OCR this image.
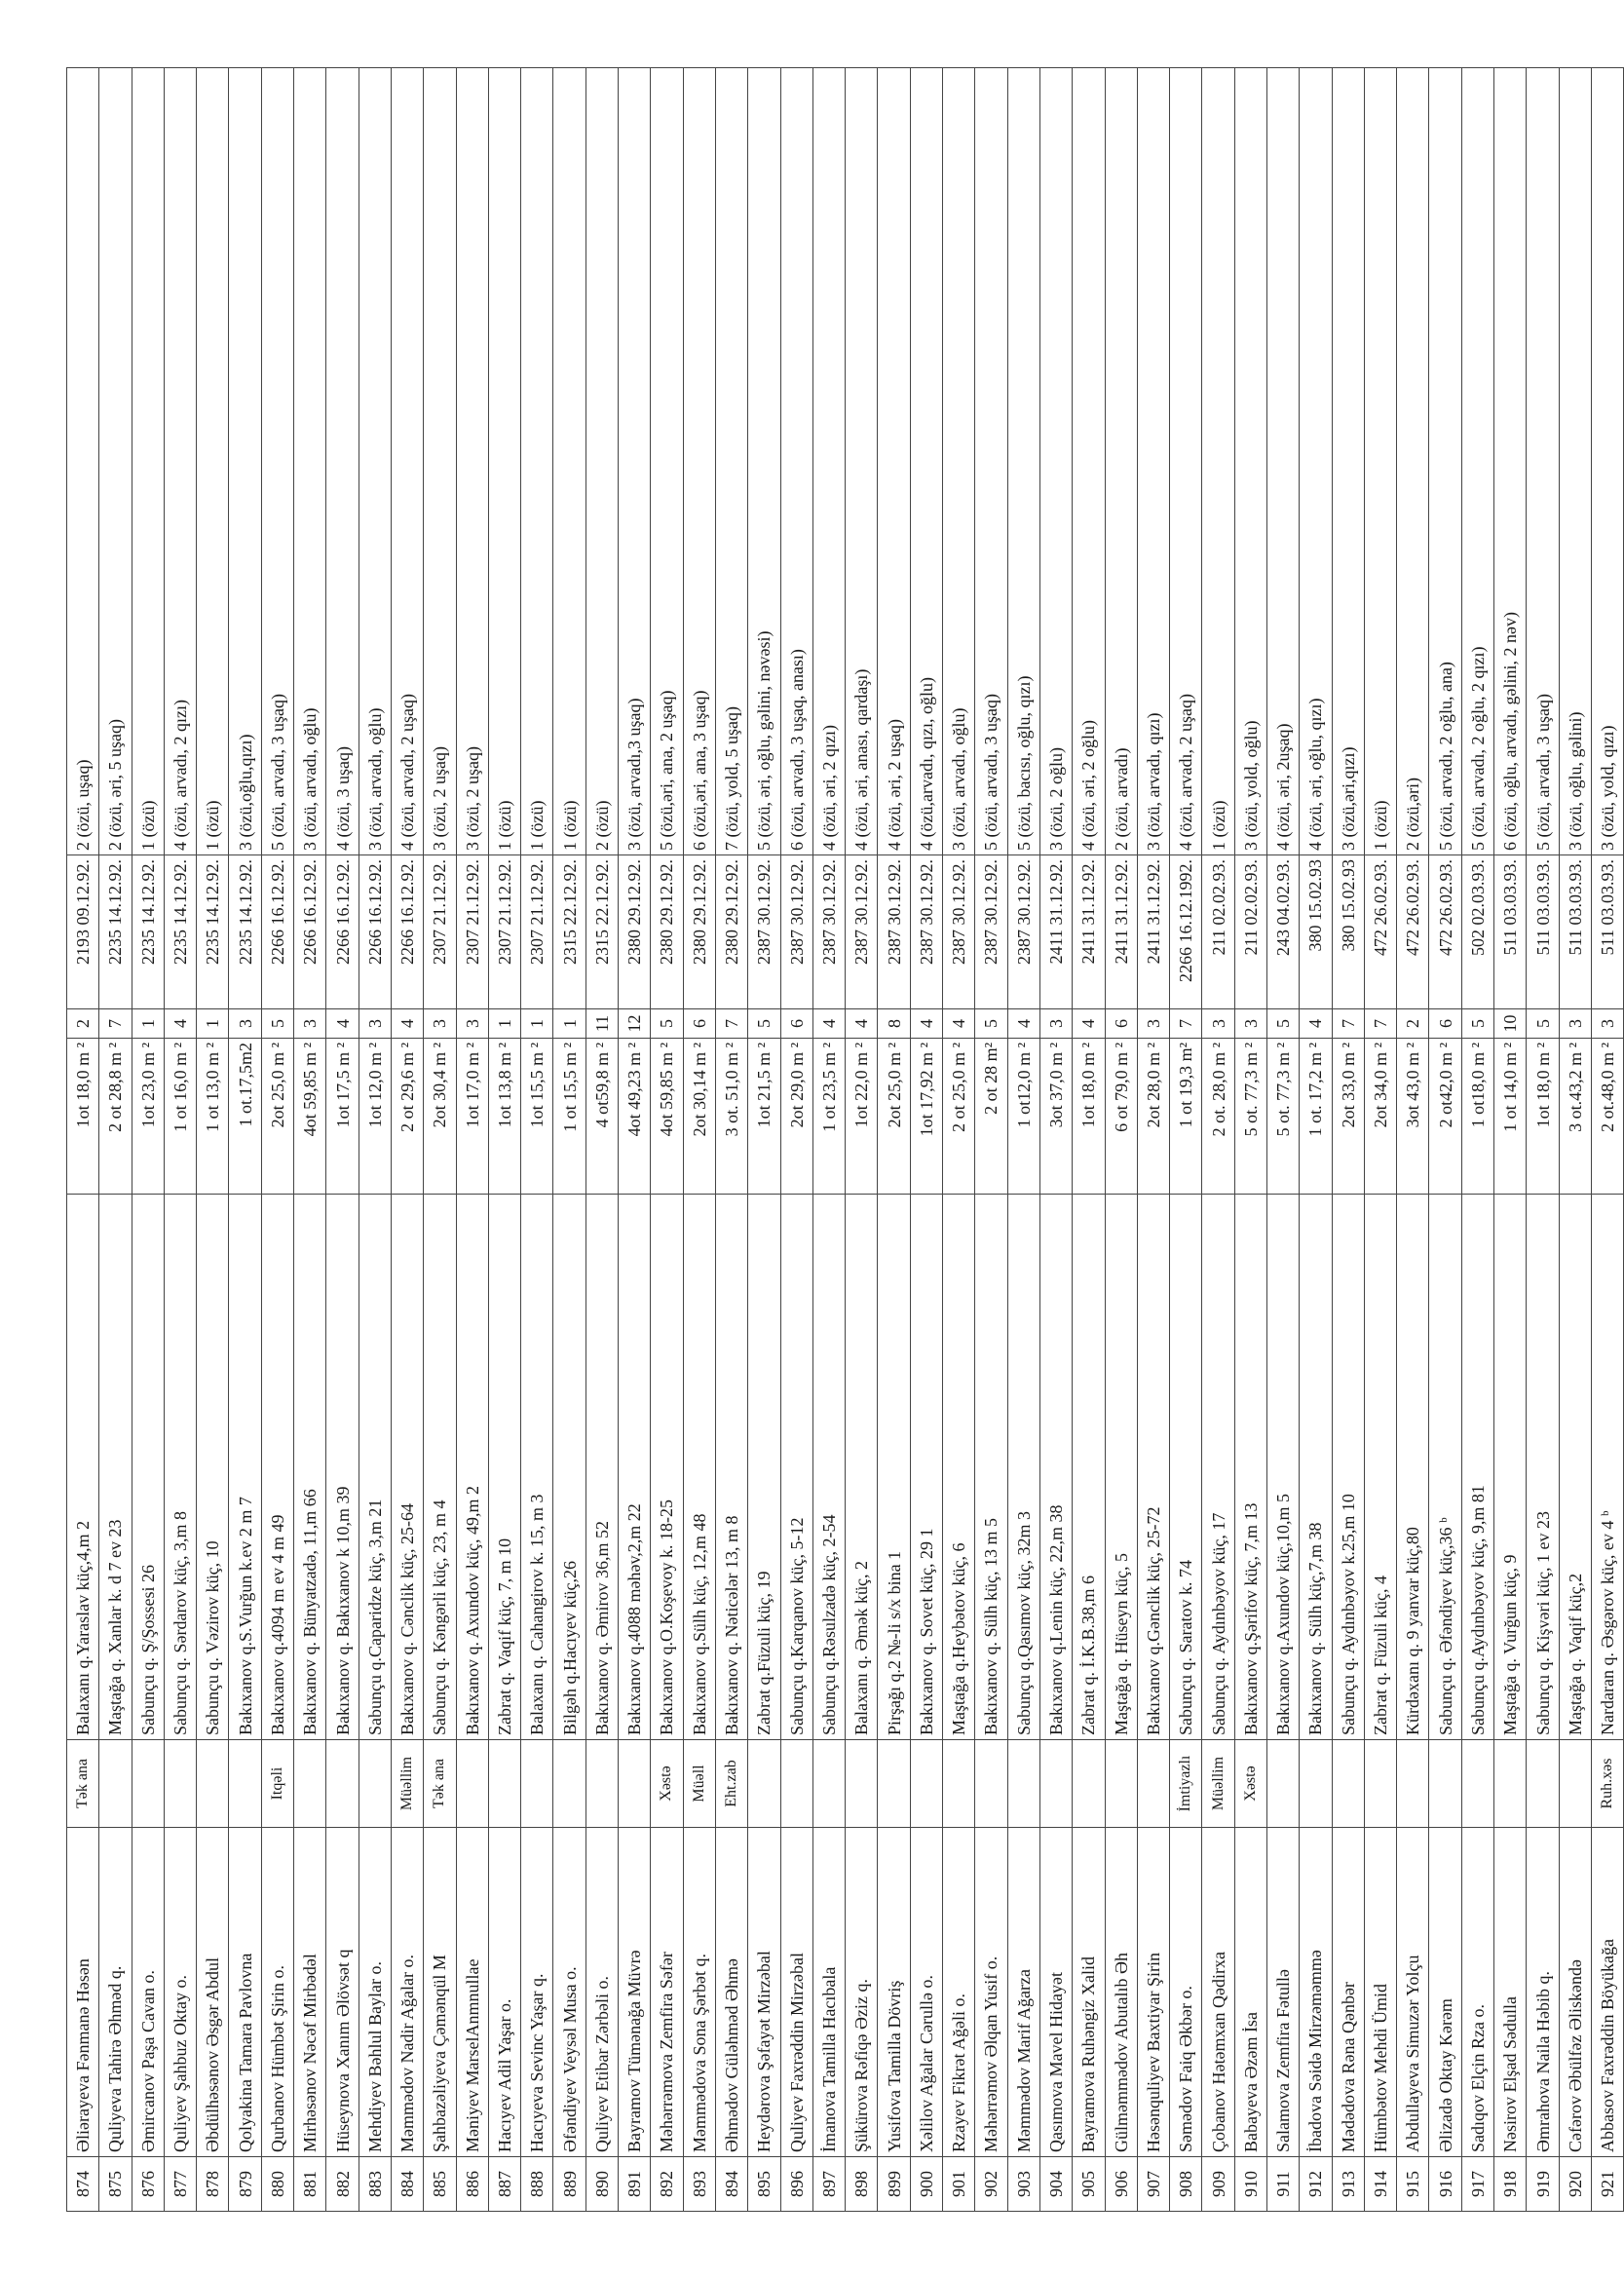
874	Əliərayeva Fənmanə Həsən	Tək ana	Balaxanı q.Yaraslav küç,4,m 2	1ot 18,0 m ²	2	2193 09.12.92.	2 (özü, uşaq)
875	Quliyeva Tahirə Əhməd q.		Maştağa q. Xanlar k. d 7 ev 23	2 ot 28,8 m ²	7	2235 14.12.92.	2 (özü, əri, 5 uşaq)
876	Əmircanov Paşa Cavan o.		Sabunçu q. Ş/Şossesi 26	1ot 23,0 m ²	1	2235 14.12.92.	1 (özü)
877	Quliyev Şahbuz Oktay o.		Sabunçu q. Sərdarov küç, 3,m 8	1 ot 16,0 m ²	4	2235 14.12.92.	4 (özü, arvadı, 2 qızı)
878	Əbdülhəsənov Əsgər Abdul		Sabunçu q. Vəzirov küç, 10	1 ot 13,0 m ²	1	2235 14.12.92.	1 (özü)
879	Qolyakina Tamara Pavlovna		Bakıxanov q.S.Vurğun k.ev 2 m 7	1 ot.17,5m2	3	2235 14.12.92.	3 (özü,oğlu,qızı)
880	Qurbanov Hümbət Şirin o.	Itqəli	Bakıxanov q.4094 m ev 4 m 49	2ot 25,0 m ²	5	2266 16.12.92.	5 (özü, arvadı, 3 uşaq)
881	Mirhəsənov Nəcəf Mirbədəl		Bakıxanov q. Bünyatzadə, 11,m 66	4ot 59,85 m ²	3	2266 16.12.92.	3 (özü, arvadı, oğlu)
882	Hüseynova Xanım Əlövsət q		Bakıxanov q. Bakıxanov k 10,m 39	1ot 17,5 m ²	4	2266 16.12.92.	4 (özü, 3 uşaq)
883	Mehdiyev Bəhlul Baylar o.		Sabunçu q.Caparidze küç, 3,m 21	1ot 12,0 m ²	3	2266 16.12.92.	3 (özü, arvadı, oğlu)
884	Məmmədov Nadir Ağalar o.	Müəllim	Bakıxanov q. Cənclik küç, 25-64	2 ot 29,6 m ²	4	2266 16.12.92.	4 (özü, arvadı, 2 uşaq)
885	Şahbazəliyeva Çəmənqül M	Tək ana	Sabunçu q. Kəngərli küç, 23, m 4	2ot 30,4 m ²	3	2307 21.12.92.	3 (özü, 2 uşaq)
886	Məniyev MarselAnmnullae		Bakıxanov q. Axundov küç, 49,m 2	1ot 17,0 m ²	3	2307 21.12.92.	3 (özü, 2 uşaq)
887	Hacıyev Adil Yaşar o.		Zabrat q. Vaqif küç, 7, m 10	1ot 13,8 m ²	1	2307 21.12.92.	1 (özü)
888	Hacıyeva Sevinc Yaşar q.		Balaxanı q. Cahangirov k. 15, m 3	1ot 15,5 m ²	1	2307 21.12.92.	1 (özü)
889	Əfəndiyev Veysəl Musa o.		Bilgəh q.Hacıyev küç,26	1 ot 15,5 m ²	1	2315 22.12.92.	1 (özü)
890	Quliyev Etibar Zərbəli o.		Bakıxanov q. Əmirov 36,m 52	4 ot59,8 m ²	11	2315 22.12.92.	2 (özü)
891	Bayramov Tümənağa Müvrə		Bakıxanov q.4088 məhəv,2,m 22	4ot 49,23 m ²	12	2380 29.12.92.	3 (özü, arvadı,3 uşaq)
892	Məhərrəmova Zemfira Səfər	Xəstə	Bakıxanov q.O.Koşevoy k. 18-25	4ot 59,85 m ²	5	2380 29.12.92.	5 (özü,əri, ana, 2 uşaq)
893	Məmmədova Sona Şərbət q.	Müəll	Bakıxanov q.Sülh küç, 12,m 48	2ot 30,14 m ²	6	2380 29.12.92.	6 (özü,əri, ana, 3 uşaq)
894	Əhmədov Güləhməd Əhmə	Eht.zab	Bakıxanov q. Nəticələr 13, m 8	3 ot. 51,0 m ²	7	2380 29.12.92.	7 (özü, yold, 5 uşaq)
895	Heydərova Şəfayət Mirzəbal		Zabrat q.Füzuli küç, 19	1ot 21,5 m ²	5	2387 30.12.92.	5 (özü, əri, oğlu, gəlini, nəvəsi)
896	Quliyev Faxrəddin Mirzəbal		Sabunçu q.Karqanov küç, 5-12	2ot 29,0 m ²	6	2387 30.12.92.	6 (özü, arvadı, 3 uşaq, anası)
897	İmanova Tamilla Hacıbala		Sabunçu q.Rəsulzadə küç, 2-54	1 ot 23,5 m ²	4	2387 30.12.92.	4 (özü, əri, 2 qızı)
898	Şükürova Rəfiqə Əziz q.		Balaxanı q. Əmək küç, 2	1ot 22,0 m ²	4	2387 30.12.92.	4 (özü, əri, anası, qardaşı)
899	Yusifova Tamilla Dövriş		Pirşağı q.2 №-li s/x bina 1	2ot 25,0 m ²	8	2387 30.12.92.	4 (özü, əri, 2 uşaq)
900	Xəlilov Ağalar Cərullə o.		Bakıxanov q. Sovet küç, 29 1	1ot 17,92 m ²	4	2387 30.12.92.	4 (özü,arvadı, qızı, oğlu)
901	Rzayev Fikrət Ağəli o.		Maştağa q.Heybətov küç, 6	2 ot 25,0 m ²	4	2387 30.12.92.	3 (özü, arvadı, oğlu)
902	Məhərrəmov Əlqan Yusif o.		Bakıxanov q. Sülh küç, 13 m 5	2 ot 28 m²	5	2387 30.12.92.	5 (özü, arvadı, 3 uşaq)
903	Məmmədov Marif Ağarza		Sabunçu q.Qasımov küç, 32m 3	1 ot12,0 m ²	4	2387 30.12.92.	5 (özü, bacısı, oğlu, qızı)
904	Qasımova Mavel Hidayət		Bakıxanov q.Lenin küç, 22,m 38	3ot 37,0 m ²	3	2411 31.12.92.	3 (özü, 2 oğlu)
905	Bayramova Ruhəngiz Xalid		Zabrat q. İ.K.B.38,m 6	1ot 18,0 m ²	4	2411 31.12.92.	4 (özü, əri, 2 oğlu)
906	Gülməmmədov Abutalıb Əh		Maştağa q. Hüseyn küç, 5	6 ot 79,0 m ²	6	2411 31.12.92.	2 (özü, arvadı)
907	Həsənquliyev Baxtiyar Şirin		Bakıxanov q.Gənclik küç, 25-72	2ot 28,0 m ²	3	2411 31.12.92.	3 (özü, arvadı, qızı)
908	Səmədov Faiq Əkbər o.	İmtiyazlı	Sabunçu q. Saratov k. 74	1 ot 19,3 m²	7	2266 16.12.1992.	4 (özü, arvadı, 2 uşaq)
909	Çobanov Hətəmxan Qədirxa	Müəllim	Sabunçu q. Aydınbəyov küç, 17	2 ot. 28,0 m ²	3	211 02.02.93.	1 (özü)
910	Babayeva Əzəm İsa	Xəstə	Bakıxanov q.Şərifov küç, 7,m 13	5 ot. 77,3 m ²	3	211 02.02.93.	3 (özü, yold, oğlu)
911	Salamova Zemfira Fətullə		Bakıxanov q.Axundov küç,10,m 5	5 ot. 77,3 m ²	5	243 04.02.93.	4 (özü, əri, 2uşaq)
912	İbadova Səidə Mirzəməmmə		Bakıxanov q. Sülh küç,7,m 38	1 ot. 17,2 m ²	4	380 15.02.93	4 (özü, əri, oğlu, qızı)
913	Mədədova Rəna Qənbər		Sabunçu q. Aydınbəyov k.25,m 10	2ot 33,0 m ²	7	380 15.02.93	3 (özü,əri,qızı)
914	Hümbətov Mehdi Ümid		Zabrat q. Füzuli küç, 4	2ot 34,0 m ²	7	472 26.02.93.	1 (özü)
915	Abdullayeva Simuzər Yolçu		Kürdəxanı q. 9 yanvar küç,80	3ot 43,0 m ²	2	472 26.02.93.	2 (özü,əri)
916	Əlizadə Oktay Kərəm		Sabunçu q. Əfəndiyev küç,36 ᵇ	2 ot42,0 m ²	6	472 26.02.93.	5 (özü, arvadı, 2 oğlu, ana)
917	Sadıqov Elçin Rza o.		Sabunçu q.Aydınbəyov küç, 9,m 81	1 ot18,0 m ²	5	502 02.03.93.	5 (özü, arvadı, 2 oğlu, 2 qızı)
918	Nəsirov Elşad Sədulla		Maştağa q. Vurğun küç, 9	1 ot 14,0 m ²	10	511 03.03.93.	6 (özü, oğlu, arvadı, gəlini, 2 nəv)
919	Əmrahova Naila Həbib q.		Sabunçu q. Kişvəri küç, 1 ev 23	1ot 18,0 m ²	5	511 03.03.93.	5 (özü, arvadı, 3 uşaq)
920	Cəfərov Əbülfəz Əliskəndə		Maştağa q. Vaqif küç,2	3 ot.43,2 m ²	3	511 03.03.93.	3 (özü, oğlu, gəlini)
921	Abbasov Faxrəddin Böyükağa	Ruh.xəs	Nardaran q. Əsgərov küç, ev 4 ᵇ	2 ot.48,0 m ²	3	511 03.03.93.	3 (özü, yold, qızı)
